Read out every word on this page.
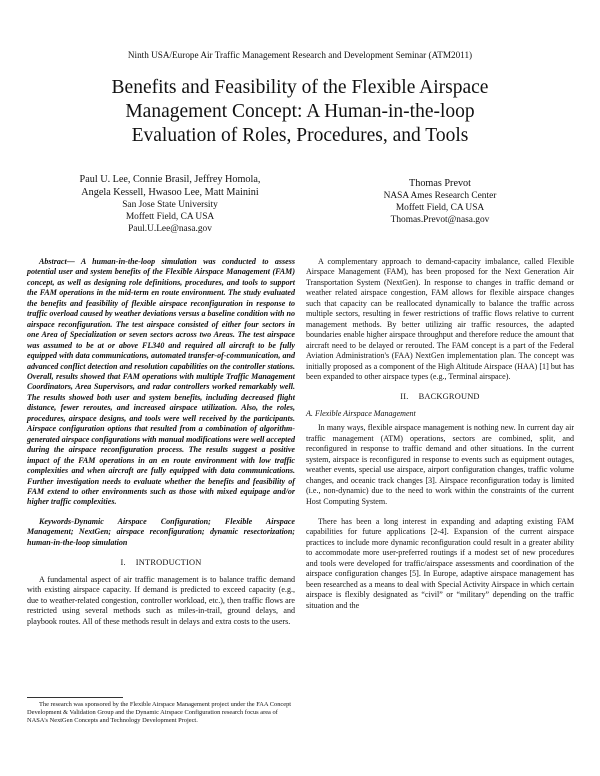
Ninth USA/Europe Air Traffic Management Research and Development Seminar (ATM2011)
Benefits and Feasibility of the Flexible Airspace
Management Concept: A Human-in-the-loop
Evaluation of Roles, Procedures, and Tools
Paul U. Lee, Connie Brasil, Jeffrey Homola,
Angela Kessell, Hwasoo Lee, Matt Mainini
San Jose State University
Moffett Field, CA USA
Paul.U.Lee@nasa.gov
Thomas Prevot
NASA Ames Research Center
Moffett Field, CA USA
Thomas.Prevot@nasa.gov

Abstract— A human-in-the-loop simulation was conducted to assess potential user and system benefits of the Flexible Airspace Management (FAM) concept, as well as designing role definitions, procedures, and tools to support the FAM operations in the mid-term en route environment. The study evaluated the benefits and feasibility of flexible airspace reconfiguration in response to traffic overload caused by weather deviations versus a baseline condition with no airspace reconfiguration. The test airspace consisted of either four sectors in one Area of Specialization or seven sectors across two Areas. The test airspace was assumed to be at or above FL340 and required all aircraft to be fully equipped with data communications, automated transfer-of-communication, and advanced conflict detection and resolution capabilities on the controller stations. Overall, results showed that FAM operations with multiple Traffic Management Coordinators, Area Supervisors, and radar controllers worked remarkably well. The results showed both user and system benefits, including decreased flight distance, fewer reroutes, and increased airspace utilization. Also, the roles, procedures, airspace designs, and tools were well received by the participants. Airspace configuration options that resulted from a combination of algorithm-generated airspace configurations with manual modifications were well accepted during the airspace reconfiguration process. The results suggest a positive impact of the FAM operations in an en route environment with low traffic complexities and when aircraft are fully equipped with data communications. Further investigation needs to evaluate whether the benefits and feasibility of FAM extend to other environments such as those with mixed equipage and/or higher traffic complexities.

Keywords-Dynamic Airspace Configuration; Flexible Airspace Management; NextGen; airspace reconfiguration; dynamic resectorization; human-in-the-loop simulation

I. INTRODUCTION

A fundamental aspect of air traffic management is to balance traffic demand with existing airspace capacity. If demand is predicted to exceed capacity (e.g., due to weather-related congestion, controller workload, etc.), then traffic flows are restricted using several methods such as miles-in-trail, ground delays, and playbook routes. All of these methods result in delays and extra costs to the users.

The research was sponsored by the Flexible Airspace Management project under the FAA Concept Development & Validation Group and the Dynamic Airspace Configuration research focus area of NASA's NextGen Concepts and Technology Development Project.

A complementary approach to demand-capacity imbalance, called Flexible Airspace Management (FAM), has been proposed for the Next Generation Air Transportation System (NextGen). In response to changes in traffic demand or weather related airspace congestion, FAM allows for flexible airspace changes such that capacity can be reallocated dynamically to balance the traffic across multiple sectors, resulting in fewer restrictions of traffic flows relative to current management methods. By better utilizing air traffic resources, the adapted boundaries enable higher airspace throughput and therefore reduce the amount that aircraft need to be delayed or rerouted. The FAM concept is a part of the Federal Aviation Administration's (FAA) NextGen implementation plan. The concept was initially proposed as a component of the High Altitude Airspace (HAA) [1] but has been expanded to other airspace types (e.g., Terminal airspace).

II. BACKGROUND

A. Flexible Airspace Management

In many ways, flexible airspace management is nothing new. In current day air traffic management (ATM) operations, sectors are combined, split, and reconfigured in response to traffic demand and other situations. In the current system, airspace is reconfigured in response to events such as equipment outages, weather events, special use airspace, airport configuration changes, traffic volume changes, and oceanic track changes [3]. Airspace reconfiguration today is limited (i.e., non-dynamic) due to the need to work within the constraints of the current Host Computing System.

There has been a long interest in expanding and adapting existing FAM capabilities for future applications [2-4]. Expansion of the current airspace practices to include more dynamic reconfiguration could result in a greater ability to accommodate more user-preferred routings if a modest set of new procedures and tools were developed for traffic/airspace assessments and coordination of the airspace configuration changes [5]. In Europe, adaptive airspace management has been researched as a means to deal with Special Activity Airspace in which certain airspace is flexibly designated as “civil” or “military” depending on the traffic situation and the
